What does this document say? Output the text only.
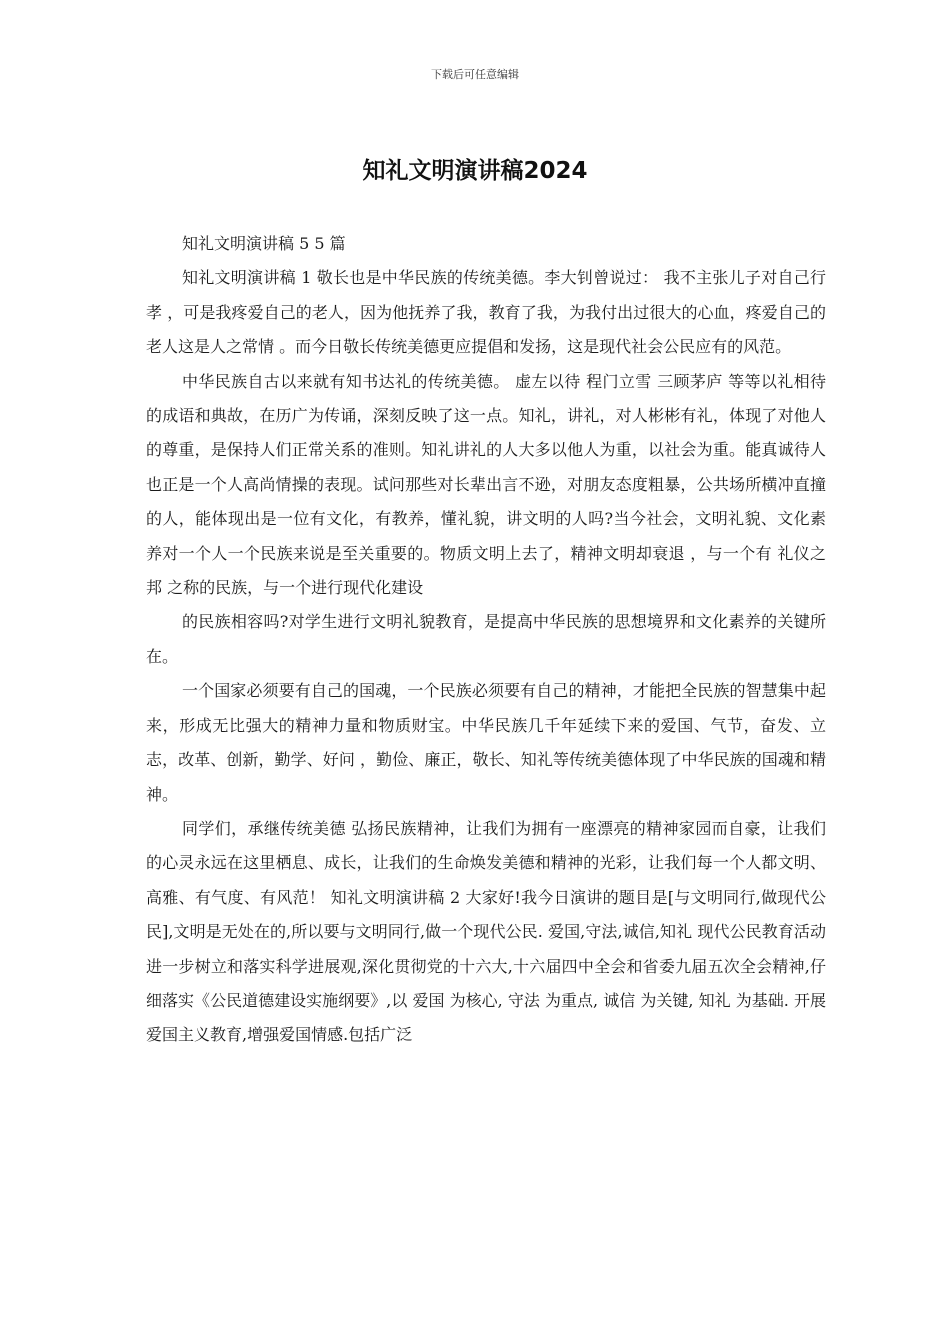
下载后可任意编辑
知礼文明演讲稿2024

知礼文明演讲稿 5 5 篇

知礼文明演讲稿 1 敬长也是中华民族的传统美德。李大钊曾说过： 我不主张儿子对自己行孝 ，可是我疼爱自己的老人，因为他抚养了我，教育了我，为我付出过很大的心血，疼爱自己的老人这是人之常情 。而今日敬长传统美德更应提倡和发扬，这是现代社会公民应有的风范。

中华民族自古以来就有知书达礼的传统美德。 虚左以待 程门立雪 三顾茅庐 等等以礼相待的成语和典故，在历广为传诵，深刻反映了这一点。知礼，讲礼，对人彬彬有礼，体现了对他人的尊重，是保持人们正常关系的准则。知礼讲礼的人大多以他人为重，以社会为重。能真诚待人也正是一个人高尚情操的表现。试问那些对长辈出言不逊，对朋友态度粗暴，公共场所横冲直撞的人，能体现出是一位有文化，有教养，懂礼貌，讲文明的人吗?当今社会，文明礼貌、文化素养对一个人一个民族来说是至关重要的。物质文明上去了，精神文明却衰退 ，与一个有 礼仪之邦 之称的民族，与一个进行现代化建设

的民族相容吗?对学生进行文明礼貌教育，是提高中华民族的思想境界和文化素养的关键所在。

一个国家必须要有自己的国魂，一个民族必须要有自己的精神，才能把全民族的智慧集中起来，形成无比强大的精神力量和物质财宝。中华民族几千年延续下来的爱国、气节，奋发、立志，改革、创新，勤学、好问 ，勤俭、廉正，敬长、知礼等传统美德体现了中华民族的国魂和精神。

同学们，承继传统美德 弘扬民族精神，让我们为拥有一座漂亮的精神家园而自豪，让我们的心灵永远在这里栖息、成长，让我们的生命焕发美德和精神的光彩，让我们每一个人都文明、高雅、有气度、有风范！ 知礼文明演讲稿 2 大家好!我今日演讲的题目是[与文明同行,做现代公民],文明是无处在的,所以要与文明同行,做一个现代公民. 爱国,守法,诚信,知礼 现代公民教育活动进一步树立和落实科学进展观,深化贯彻党的十六大,十六届四中全会和省委九届五次全会精神,仔细落实《公民道德建设实施纲要》,以 爱国 为核心, 守法 为重点, 诚信 为关键, 知礼 为基础. 开展爱国主义教育,增强爱国情感.包括广泛
